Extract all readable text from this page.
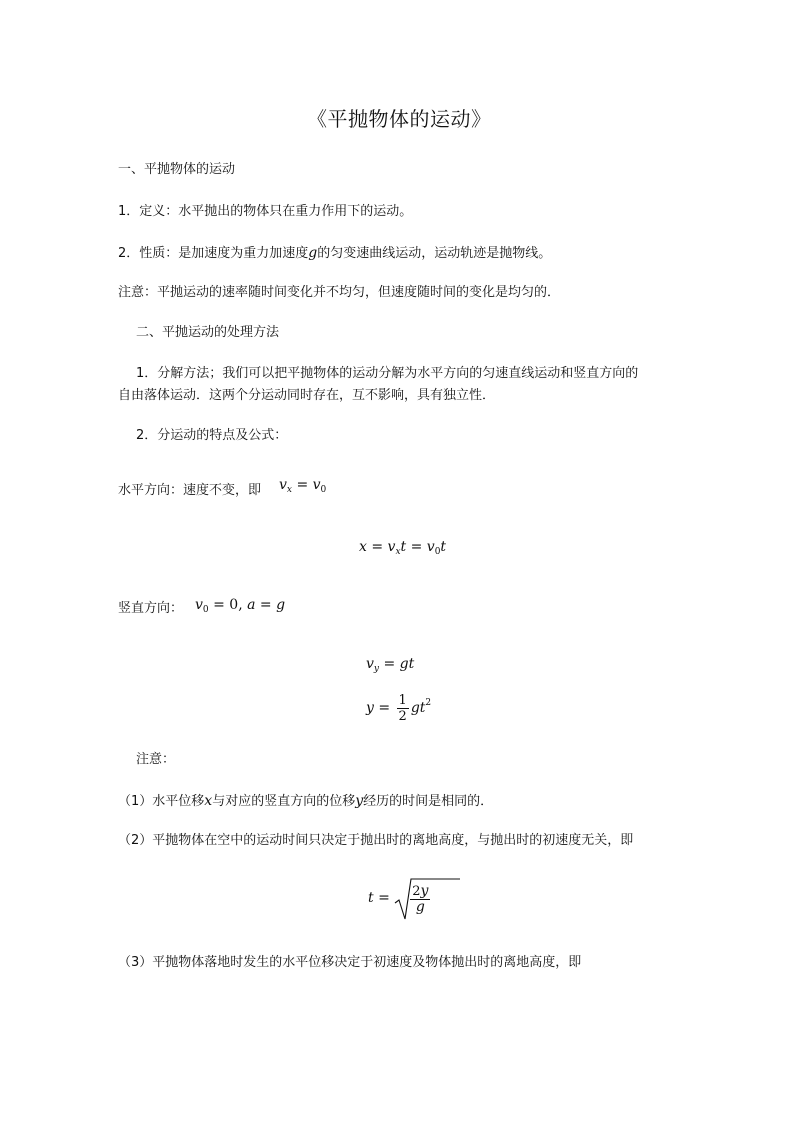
《平抛物体的运动》
一、平抛物体的运动
1．定义：水平抛出的物体只在重力作用下的运动。
2．性质：是加速度为重力加速度g的匀变速曲线运动，运动轨迹是抛物线。
注意：平抛运动的速率随时间变化并不均匀，但速度随时间的变化是均匀的．
二、平抛运动的处理方法
1．分解方法；我们可以把平抛物体的运动分解为水平方向的匀速直线运动和竖直方向的
自由落体运动．这两个分运动同时存在，互不影响，具有独立性．
2．分运动的特点及公式：
水平方向：速度不变，即 $v_x = v_0$
$x = v_xt = v_0t$
竖直方向： $v_0 = 0$, a = g
$v_y$ = gt
$y = \frac{1}{2} gt^2$
注意：
（1）水平位移x与对应的竖直方向的位移y经历的时间是相同的．
（2）平抛物体在空中的运动时间只决定于抛出时的离地高度，与抛出时的初速度无关，即
$t = \frac{2y}{g}$
（3）平抛物体落地时发生的水平位移决定于初速度及物体抛出时的离地高度，即
